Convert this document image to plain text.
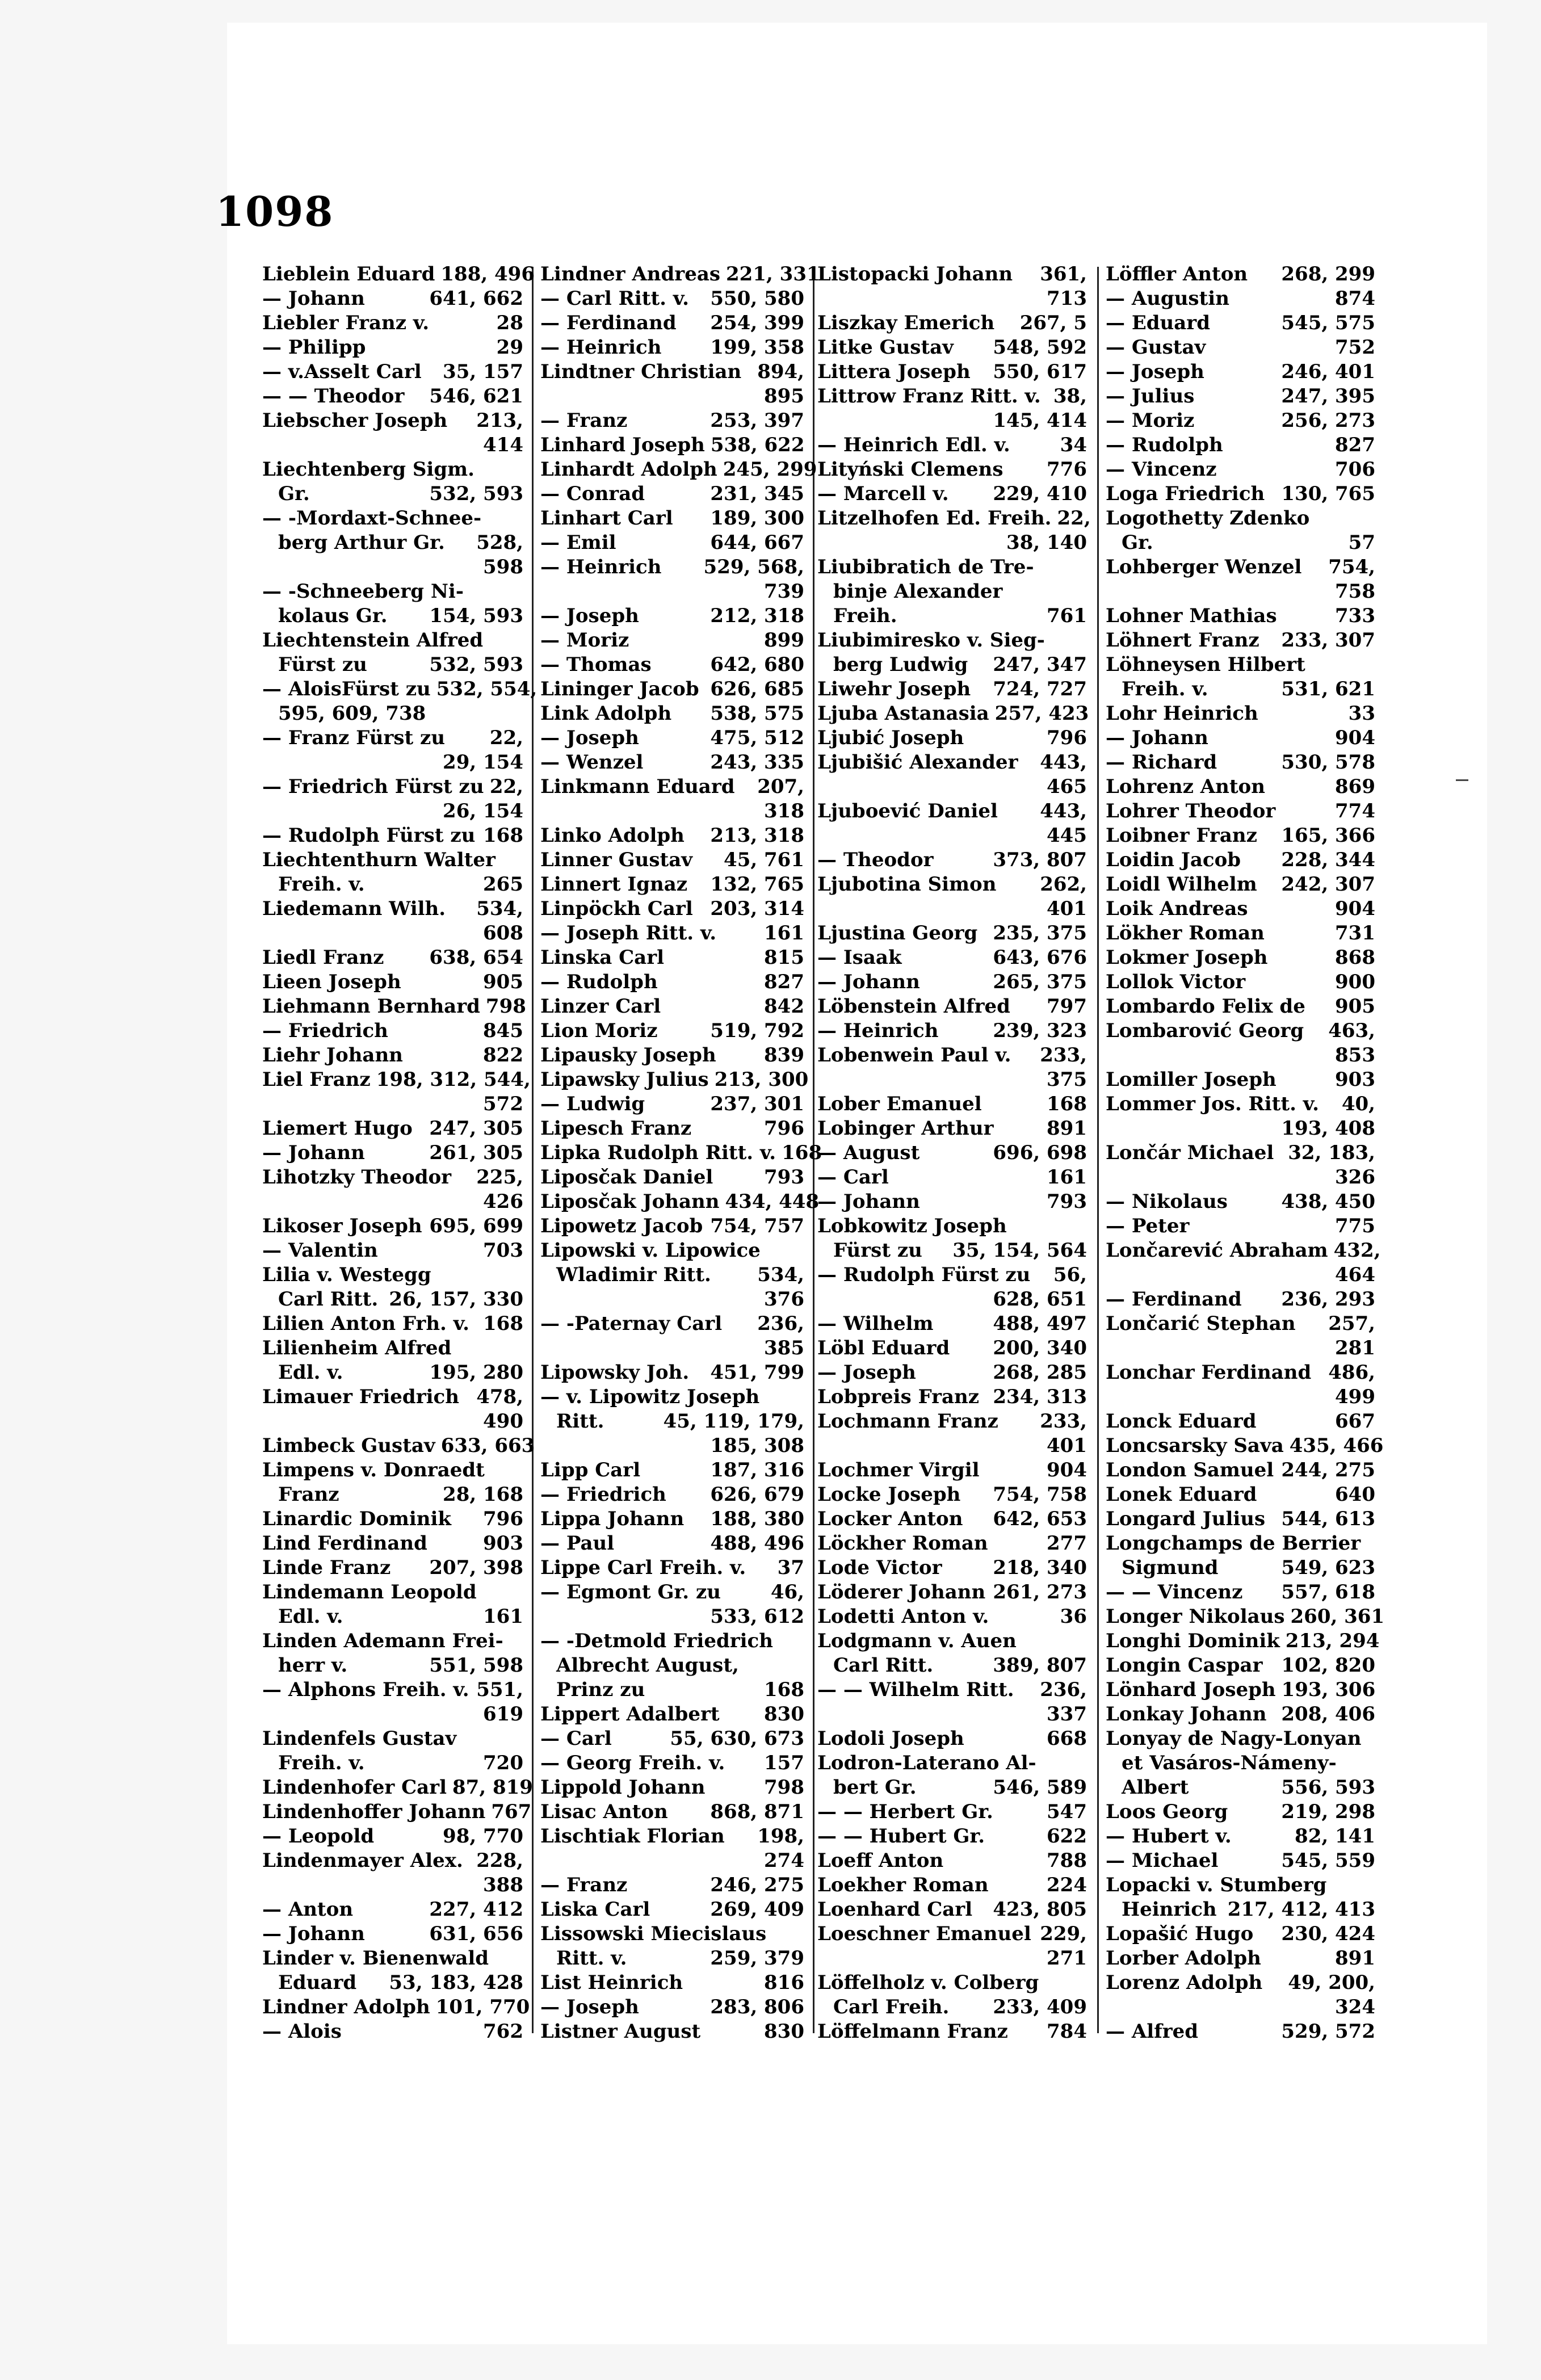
1098
Lieblein Eduard 188, 496
— Johann	641, 662
Liebler Franz v.	28
— Philipp	29
— v.Asselt Carl 35, 157
— — Theodor 546, 621
Liebscher Joseph 213,
414
Liechtenberg Sigm.
Gr.	532, 593
— -Mordaxt-Schnee-
berg Arthur Gr. 528,
598
— -Schneeberg Ni-
kolaus Gr. 154, 593
Liechtenstein Alfred
Fürst zu	532, 593
— AloisFürst zu 532, 554,
595, 609, 738
— Franz Fürst zu 22,
29, 154
— Friedrich Fürst zu 22,
26, 154
— Rudolph Fürst zu 168
Liechtenthurn Walter
Freih. v.	265
Liedemann Wilh. 534,
608
Liedl Franz 638, 654
Lieen Joseph	905
Liehmann Bernhard 798
— Friedrich	845
Liehr Johann	822
Liel Franz 198, 312, 544,
572
Liemert Hugo 247, 305
— Johann	261, 305
Lihotzky Theodor 225,
426
Likoser Joseph 695, 699
— Valentin	703
Lilia v. Westegg
Carl Ritt. 26, 157, 330
Lilien Anton Frh. v. 168
Lilienheim Alfred
Edl. v.	195, 280
Limauer Friedrich 478,
490
Limbeck Gustav 633, 663
Limpens v. Donraedt
Franz	28, 168
Linardic Dominik 796
Lind Ferdinand	903
Linde Franz 207, 398
Lindemann Leopold
Edl. v.	161
Linden Ademann Frei-
herr v.	551, 598
— Alphons Freih. v. 551,
619
Lindenfels Gustav
Freih. v.	720
Lindenhofer Carl 87, 819
Lindenhoffer Johann 767
— Leopold	98, 770
Lindenmayer Alex. 228,
388
— Anton	227, 412
— Johann	631, 656
Linder v. Bienenwald
Eduard 53, 183, 428
Lindner Adolph 101, 770
— Alois	762
Lindner Andreas 221, 331
— Carl Ritt. v. 550, 580
— Ferdinand 254, 399
— Heinrich	199, 358
Lindtner Christian 894,
895
— Franz	253, 397
Linhard Joseph 538, 622
Linhardt Adolph 245, 299
— Conrad	231, 345
Linhart Carl 189, 300
— Emil	644, 667
— Heinrich 529, 568,
739
— Joseph	212, 318
— Moriz	899
— Thomas	642, 680
Lininger Jacob 626, 685
Link Adolph 538, 575
— Joseph	475, 512
— Wenzel	243, 335
Linkmann Eduard 207,
318
Linko Adolph 213, 318
Linner Gustav 45, 761
Linnert Ignaz 132, 765
Linpöckh Carl 203, 314
— Joseph Ritt. v. 161
Linska Carl	815
— Rudolph	827
Linzer Carl	842
Lion Moriz	519, 792
Lipausky Joseph 839
Lipawsky Julius 213, 300
— Ludwig	237, 301
Lipesch Franz	796
Lipka Rudolph Ritt. v. 168
Liposčak Daniel	793
Liposčak Johann 434, 448
Lipowetz Jacob 754, 757
Lipowski v. Lipowice
Wladimir Ritt. 534,
376
— -Paternay Carl 236,
385
Lipowsky Joh. 451, 799
— v. Lipowitz Joseph
Ritt.	45, 119, 179,
185, 308
Lipp Carl	187, 316
— Friedrich 626, 679
Lippa Johann 188, 380
— Paul	488, 496
Lippe Carl Freih. v. 37
— Egmont Gr. zu	46,
533, 612
— -Detmold Friedrich
Albrecht August,
Prinz zu	168
Lippert Adalbert 830
— Carl	55, 630, 673
— Georg Freih. v. 157
Lippold Johann	798
Lisac Anton 868, 871
Lischtiak Florian 198,
274
— Franz	246, 275
Liska Carl	269, 409
Lissowski Miecislaus
Ritt. v.	259, 379
List Heinrich	816
— Joseph	283, 806
Listner August	830
Listopacki Johann 361,
713
Liszkay Emerich 267, 5
Litke Gustav 548, 592
Littera Joseph 550, 617
Littrow Franz Ritt. v. 38,
145, 414
— Heinrich Edl. v.	34
Lityński Clemens 776
— Marcell v. 229, 410
Litzelhofen Ed. Freih. 22,
38, 140
Liubibratich de Tre-
binje Alexander
Freih.	761
Liubimiresko v. Sieg-
berg Ludwig 247, 347
Liwehr Joseph 724, 727
Ljuba Astanasia 257, 423
Ljubić Joseph	796
Ljubišić Alexander 443,
465
Ljuboević Daniel 443,
445
— Theodor	373, 807
Ljubotina Simon 262,
401
Ljustina Georg 235, 375
— Isaak	643, 676
— Johann	265, 375
Löbenstein Alfred 797
— Heinrich	239, 323
Lobenwein Paul v. 233,
375
Lober Emanuel	168
Lobinger Arthur	891
— August	696, 698
— Carl	161
— Johann	793
Lobkowitz Joseph
Fürst zu 35, 154, 564
— Rudolph Fürst zu 56,
628, 651
— Wilhelm	488, 497
Löbl Eduard 200, 340
— Joseph	268, 285
Lobpreis Franz 234, 313
Lochmann Franz 233,
401
Lochmer Virgil	904
Locke Joseph 754, 758
Locker Anton 642, 653
Löckher Roman	277
Lode Victor	218, 340
Löderer Johann 261, 273
Lodetti Anton v.	36
Lodgmann v. Auen
Carl Ritt.	389, 807
— — Wilhelm Ritt. 236,
337
Lodoli Joseph	668
Lodron-Laterano Al-
bert Gr.	546, 589
— — Herbert Gr.	547
— — Hubert Gr.	622
Loeff Anton	788
Loekher Roman	224
Loenhard Carl 423, 805
Loeschner Emanuel 229,
271
Löffelholz v. Colberg
Carl Freih. 233, 409
Löffelmann Franz 784
Löffler Anton 268, 299
— Augustin	874
— Eduard	545, 575
— Gustav	752
— Joseph	246, 401
— Julius	247, 395
— Moriz	256, 273
— Rudolph	827
— Vincenz	706
Loga Friedrich 130, 765
Logothetty Zdenko
Gr.	57
Lohberger Wenzel 754,
758
Lohner Mathias	733
Löhnert Franz 233, 307
Löhneysen Hilbert
Freih. v.	531, 621
Lohr Heinrich	33
— Johann	904
— Richard	530, 578
Lohrenz Anton	869
Lohrer Theodor	774
Loibner Franz 165, 366
Loidin Jacob 228, 344
Loidl Wilhelm 242, 307
Loik Andreas	904
Lökher Roman	731
Lokmer Joseph	868
Lollok Victor	900
Lombardo Felix de 905
Lombarović Georg 463,
853
Lomiller Joseph	903
Lommer Jos. Ritt. v. 40,
193, 408
Lončár Michael 32, 183,
326
— Nikolaus	438, 450
— Peter	775
Lončarević Abraham 432,
464
— Ferdinand 236, 293
Lončarić Stephan 257,
281
Lonchar Ferdinand 486,
499
Lonck Eduard	667
Loncsarsky Sava 435, 466
London Samuel 244, 275
Lonek Eduard	640
Longard Julius 544, 613
Longchamps de Berrier
Sigmund	549, 623
— — Vincenz 557, 618
Longer Nikolaus 260, 361
Longhi Dominik 213, 294
Longin Caspar 102, 820
Lönhard Joseph 193, 306
Lonkay Johann 208, 406
Lonyay de Nagy-Lonyan
et Vasáros-Námeny-
Albert	556, 593
Loos Georg	219, 298
— Hubert v.	82, 141
— Michael	545, 559
Lopacki v. Stumberg
Heinrich 217, 412, 413
Lopašić Hugo 230, 424
Lorber Adolph	891
Lorenz Adolph 49, 200,
324
— Alfred	529, 572
